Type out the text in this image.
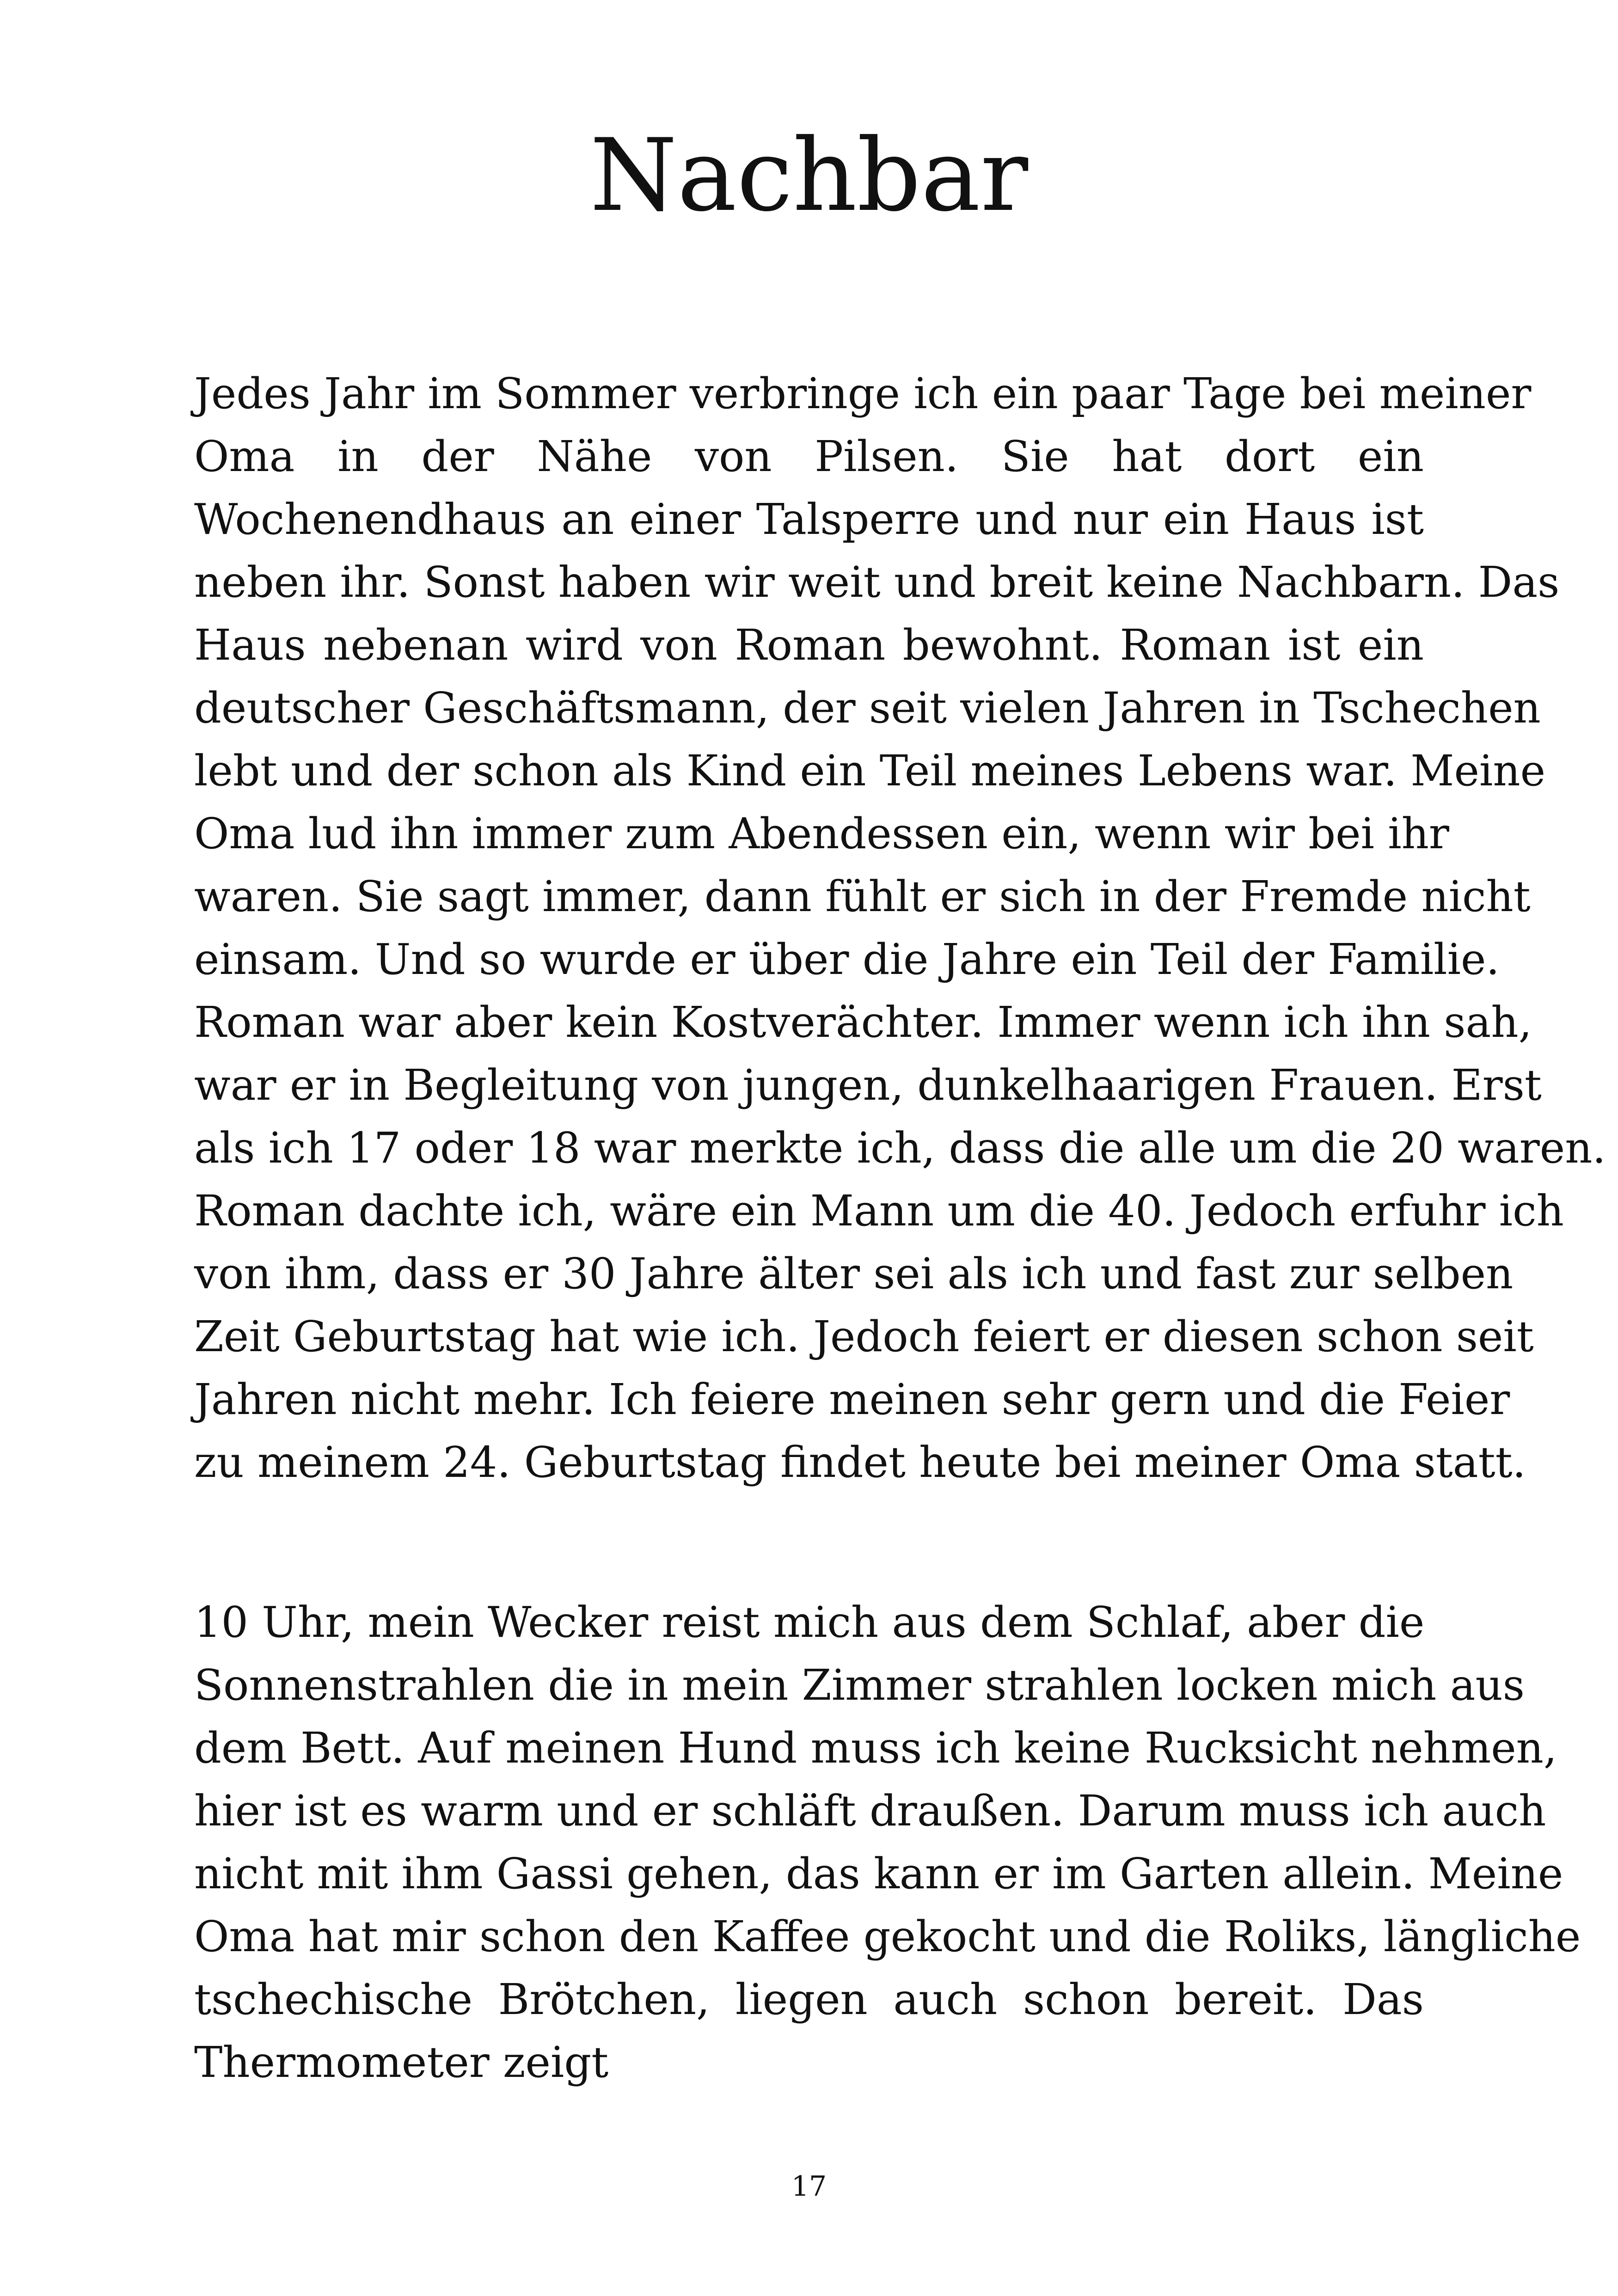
Nachbar
Jedes Jahr im Sommer verbringe ich ein paar Tage bei meiner
Oma in der Nähe von Pilsen. Sie hat dort ein
Wochenendhaus an einer Talsperre und nur ein Haus ist
neben ihr. Sonst haben wir weit und breit keine Nachbarn. Das
Haus nebenan wird von Roman bewohnt. Roman ist ein
deutscher Geschäftsmann, der seit vielen Jahren in Tschechen
lebt und der schon als Kind ein Teil meines Lebens war. Meine
Oma lud ihn immer zum Abendessen ein, wenn wir bei ihr
waren. Sie sagt immer, dann fühlt er sich in der Fremde nicht
einsam. Und so wurde er über die Jahre ein Teil der Familie.
Roman war aber kein Kostverächter. Immer wenn ich ihn sah,
war er in Begleitung von jungen, dunkelhaarigen Frauen. Erst
als ich 17 oder 18 war merkte ich, dass die alle um die 20 waren.
Roman dachte ich, wäre ein Mann um die 40. Jedoch erfuhr ich
von ihm, dass er 30 Jahre älter sei als ich und fast zur selben
Zeit Geburtstag hat wie ich. Jedoch feiert er diesen schon seit
Jahren nicht mehr. Ich feiere meinen sehr gern und die Feier
zu meinem 24. Geburtstag findet heute bei meiner Oma statt.
10 Uhr, mein Wecker reist mich aus dem Schlaf, aber die
Sonnenstrahlen die in mein Zimmer strahlen locken mich aus
dem Bett. Auf meinen Hund muss ich keine Rucksicht nehmen,
hier ist es warm und er schläft draußen. Darum muss ich auch
nicht mit ihm Gassi gehen, das kann er im Garten allein. Meine
Oma hat mir schon den Kaffee gekocht und die Roliks, längliche
tschechische Brötchen, liegen auch schon bereit. Das
Thermometer zeigt
17
